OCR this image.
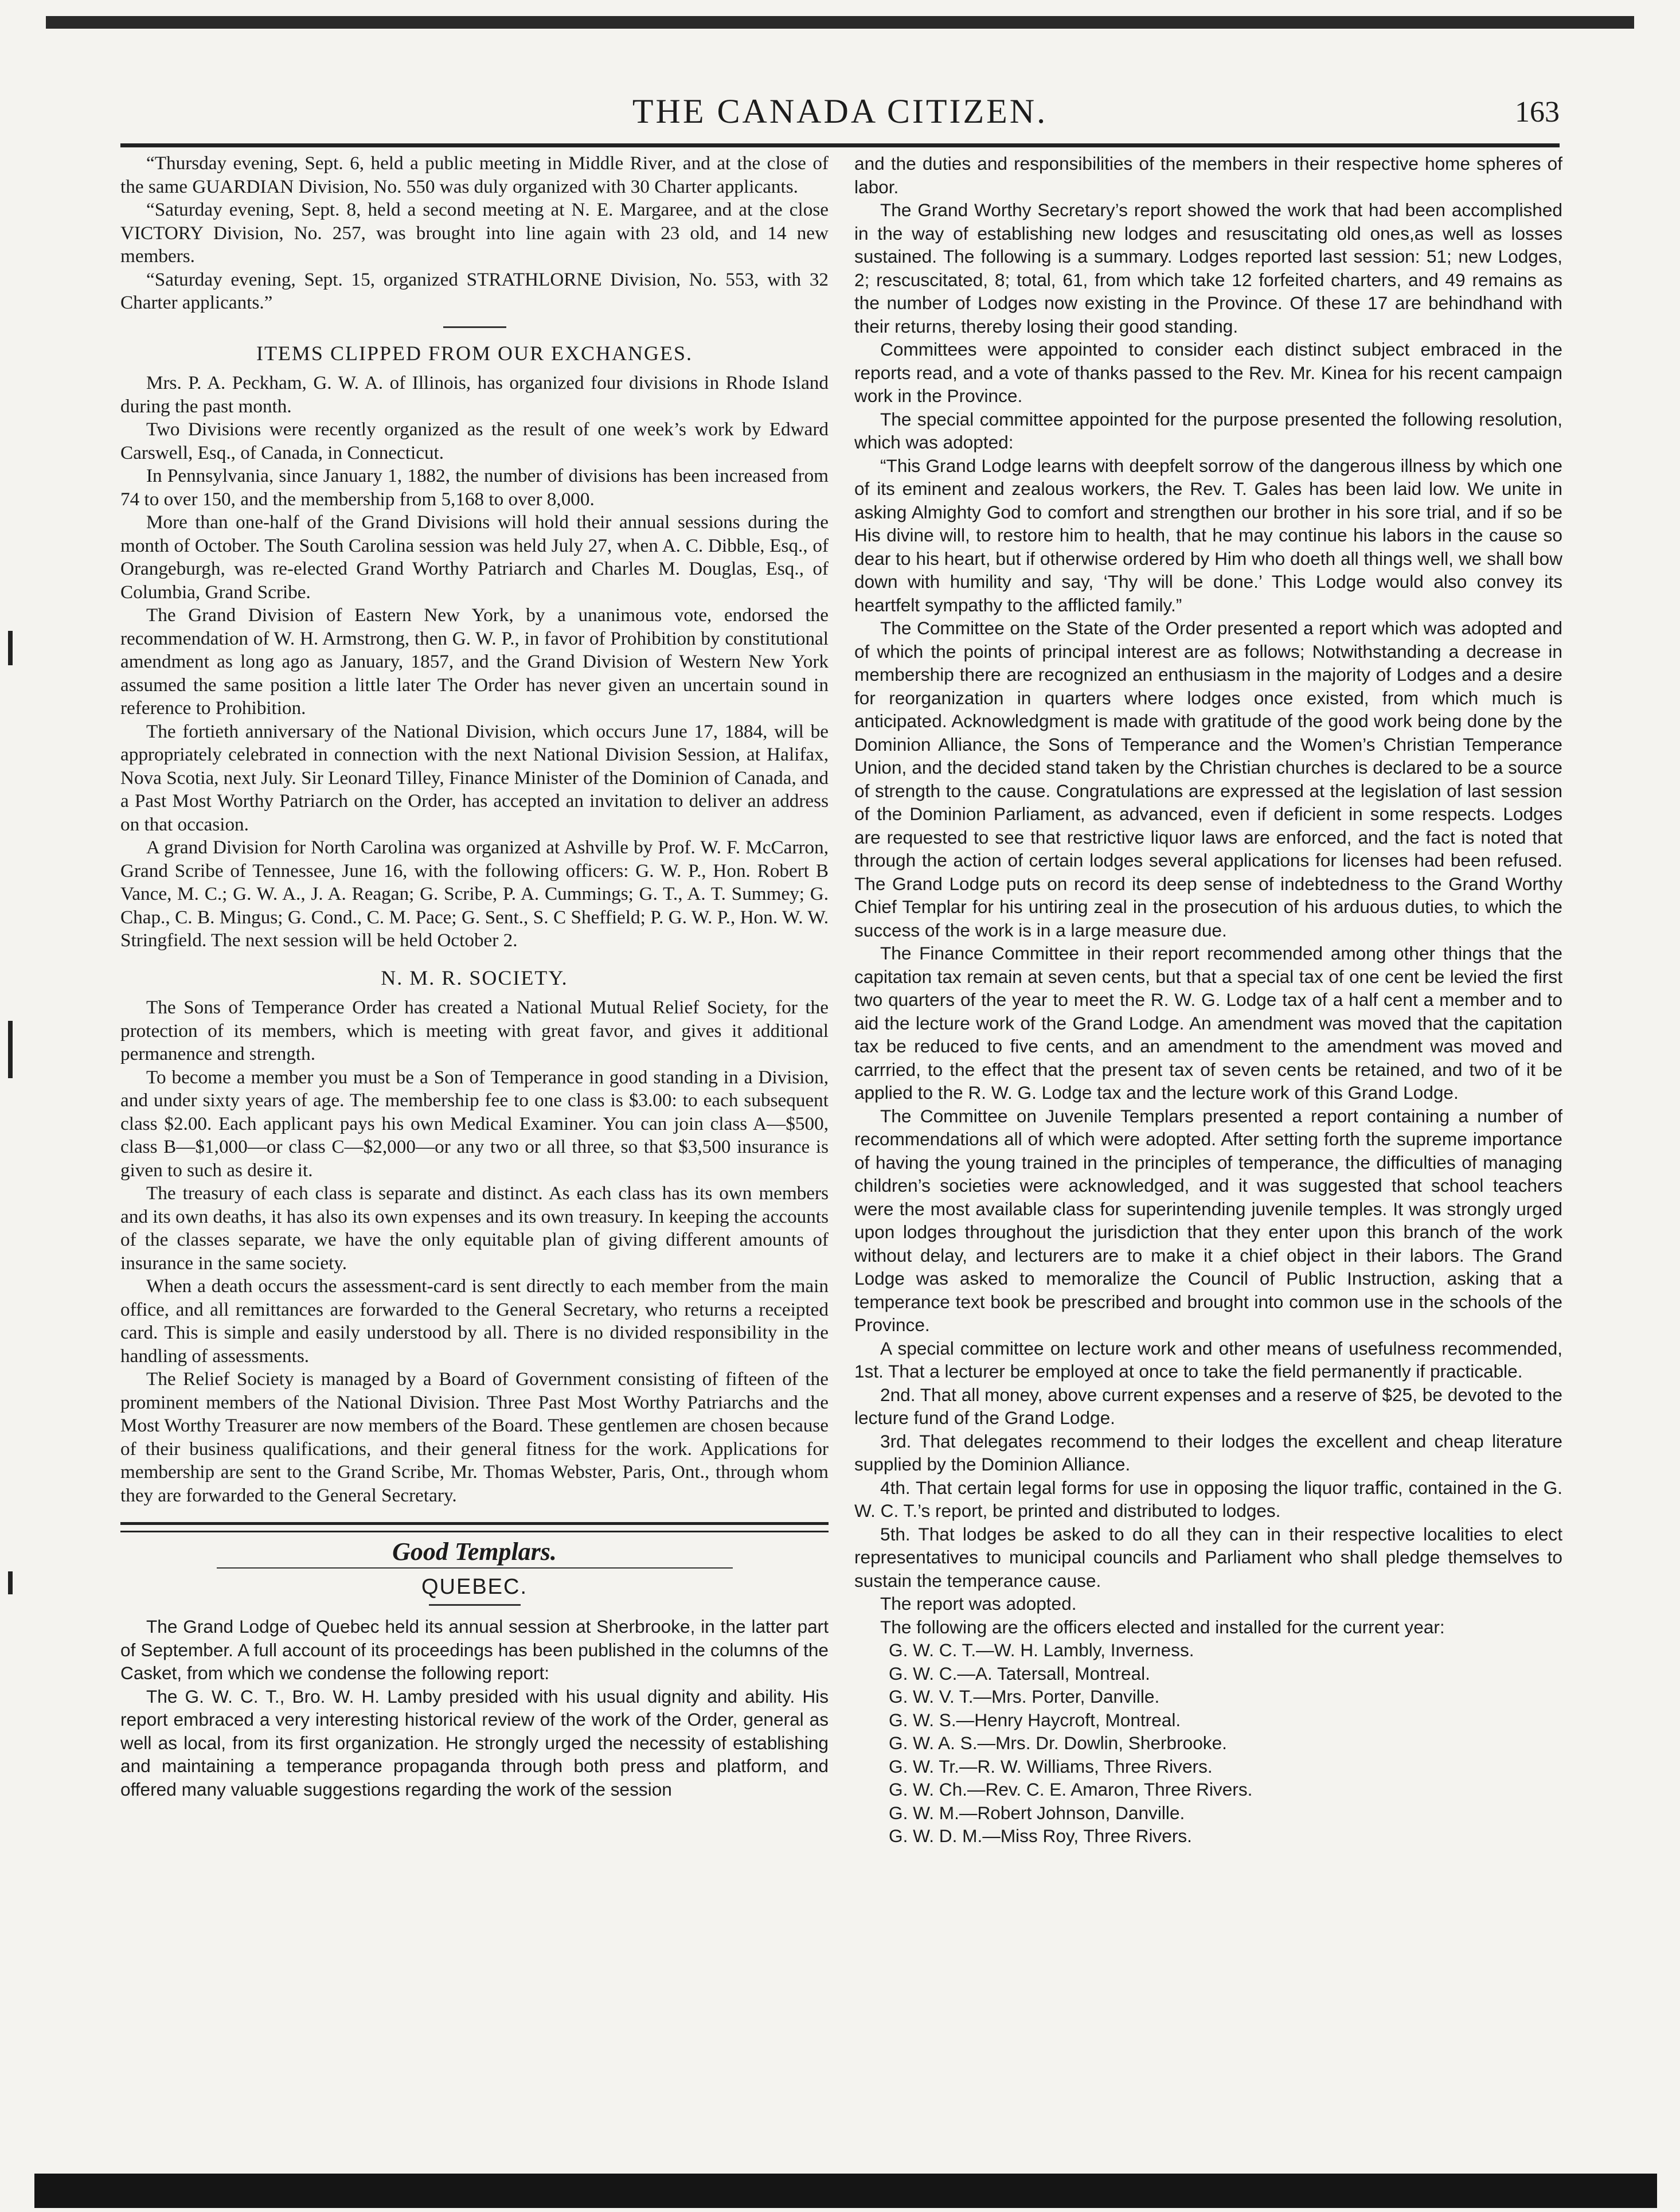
THE CANADA CITIZEN.	163

“Thursday evening, Sept. 6, held a public meeting in Middle River, and at the close of the same GUARDIAN Division, No. 550 was duly organized with 30 Charter applicants.

“Saturday evening, Sept. 8, held a second meeting at N. E. Margaree, and at the close VICTORY Division, No. 257, was brought into line again with 23 old, and 14 new members.

“Saturday evening, Sept. 15, organized STRATHLORNE Division, No. 553, with 32 Charter applicants.”

ITEMS CLIPPED FROM OUR EXCHANGES.

Mrs. P. A. Peckham, G. W. A. of Illinois, has organized four divisions in Rhode Island during the past month.

Two Divisions were recently organized as the result of one week’s work by Edward Carswell, Esq., of Canada, in Connecticut.

In Pennsylvania, since January 1, 1882, the number of divisions has been increased from 74 to over 150, and the membership from 5,168 to over 8,000.

More than one-half of the Grand Divisions will hold their annual sessions during the month of October. The South Carolina session was held July 27, when A. C. Dibble, Esq., of Orangeburgh, was re-elected Grand Worthy Patriarch and Charles M. Douglas, Esq., of Columbia, Grand Scribe.

The Grand Division of Eastern New York, by a unanimous vote, endorsed the recommendation of W. H. Armstrong, then G. W. P., in favor of Prohibition by constitutional amendment as long ago as January, 1857, and the Grand Division of Western New York assumed the same position a little later The Order has never given an uncertain sound in reference to Prohibition.

The fortieth anniversary of the National Division, which occurs June 17, 1884, will be appropriately celebrated in connection with the next National Division Session, at Halifax, Nova Scotia, next July. Sir Leonard Tilley, Finance Minister of the Dominion of Canada, and a Past Most Worthy Patriarch on the Order, has accepted an invitation to deliver an address on that occasion.

A grand Division for North Carolina was organized at Ashville by Prof. W. F. McCarron, Grand Scribe of Tennessee, June 16, with the following officers: G. W. P., Hon. Robert B Vance, M. C.; G. W. A., J. A. Reagan; G. Scribe, P. A. Cummings; G. T., A. T. Summey; G. Chap., C. B. Mingus; G. Cond., C. M. Pace; G. Sent., S. C Sheffield; P. G. W. P., Hon. W. W. Stringfield. The next session will be held October 2.

N. M. R. SOCIETY.

The Sons of Temperance Order has created a National Mutual Relief Society, for the protection of its members, which is meeting with great favor, and gives it additional permanence and strength.

To become a member you must be a Son of Temperance in good standing in a Division, and under sixty years of age. The membership fee to one class is $3.00: to each subsequent class $2.00. Each applicant pays his own Medical Examiner. You can join class A—$500, class B—$1,000—or class C—$2,000—or any two or all three, so that $3,500 insurance is given to such as desire it.

The treasury of each class is separate and distinct. As each class has its own members and its own deaths, it has also its own expenses and its own treasury. In keeping the accounts of the classes separate, we have the only equitable plan of giving different amounts of insurance in the same society.

When a death occurs the assessment-card is sent directly to each member from the main office, and all remittances are forwarded to the General Secretary, who returns a receipted card. This is simple and easily understood by all. There is no divided responsibility in the handling of assessments.

The Relief Society is managed by a Board of Government consisting of fifteen of the prominent members of the National Division. Three Past Most Worthy Patriarchs and the Most Worthy Treasurer are now members of the Board. These gentlemen are chosen because of their business qualifications, and their general fitness for the work. Applications for membership are sent to the Grand Scribe, Mr. Thomas Webster, Paris, Ont., through whom they are forwarded to the General Secretary.

Good Templars.
QUEBEC.

The Grand Lodge of Quebec held its annual session at Sherbrooke, in the latter part of September. A full account of its proceedings has been published in the columns of the Casket, from which we condense the following report:

The G. W. C. T., Bro. W. H. Lamby presided with his usual dignity and ability. His report embraced a very interesting historical review of the work of the Order, general as well as local, from its first organization. He strongly urged the necessity of establishing and maintaining a temperance propaganda through both press and platform, and offered many valuable suggestions regarding the work of the session

and the duties and responsibilities of the members in their respective home spheres of labor.

The Grand Worthy Secretary’s report showed the work that had been accomplished in the way of establishing new lodges and resuscitating old ones,as well as losses sustained. The following is a summary. Lodges reported last session: 51; new Lodges, 2; rescuscitated, 8; total, 61, from which take 12 forfeited charters, and 49 remains as the number of Lodges now existing in the Province. Of these 17 are behindhand with their returns, thereby losing their good standing.

Committees were appointed to consider each distinct subject embraced in the reports read, and a vote of thanks passed to the Rev. Mr. Kinea for his recent campaign work in the Province.

The special committee appointed for the purpose presented the following resolution, which was adopted:

“This Grand Lodge learns with deepfelt sorrow of the dangerous illness by which one of its eminent and zealous workers, the Rev. T. Gales has been laid low. We unite in asking Almighty God to comfort and strengthen our brother in his sore trial, and if so be His divine will, to restore him to health, that he may continue his labors in the cause so dear to his heart, but if otherwise ordered by Him who doeth all things well, we shall bow down with humility and say, ‘Thy will be done.’ This Lodge would also convey its heartfelt sympathy to the afflicted family.”

The Committee on the State of the Order presented a report which was adopted and of which the points of principal interest are as follows; Notwithstanding a decrease in membership there are recognized an enthusiasm in the majority of Lodges and a desire for reorganization in quarters where lodges once existed, from which much is anticipated. Acknowledgment is made with gratitude of the good work being done by the Dominion Alliance, the Sons of Temperance and the Women’s Christian Temperance Union, and the decided stand taken by the Christian churches is declared to be a source of strength to the cause. Congratulations are expressed at the legislation of last session of the Dominion Parliament, as advanced, even if deficient in some respects. Lodges are requested to see that restrictive liquor laws are enforced, and the fact is noted that through the action of certain lodges several applications for licenses had been refused. The Grand Lodge puts on record its deep sense of indebtedness to the Grand Worthy Chief Templar for his untiring zeal in the prosecution of his arduous duties, to which the success of the work is in a large measure due.

The Finance Committee in their report recommended among other things that the capitation tax remain at seven cents, but that a special tax of one cent be levied the first two quarters of the year to meet the R. W. G. Lodge tax of a half cent a member and to aid the lecture work of the Grand Lodge. An amendment was moved that the capitation tax be reduced to five cents, and an amendment to the amendment was moved and carrried, to the effect that the present tax of seven cents be retained, and two of it be applied to the R. W. G. Lodge tax and the lecture work of this Grand Lodge.

The Committee on Juvenile Templars presented a report containing a number of recommendations all of which were adopted. After setting forth the supreme importance of having the young trained in the principles of temperance, the difficulties of managing children’s societies were acknowledged, and it was suggested that school teachers were the most available class for superintending juvenile temples. It was strongly urged upon lodges throughout the jurisdiction that they enter upon this branch of the work without delay, and lecturers are to make it a chief object in their labors. The Grand Lodge was asked to memoralize the Council of Public Instruction, asking that a temperance text book be prescribed and brought into common use in the schools of the Province.

A special committee on lecture work and other means of usefulness recommended, 1st. That a lecturer be employed at once to take the field permanently if practicable.

2nd. That all money, above current expenses and a reserve of $25, be devoted to the lecture fund of the Grand Lodge.

3rd. That delegates recommend to their lodges the excellent and cheap literature supplied by the Dominion Alliance.

4th. That certain legal forms for use in opposing the liquor traffic, contained in the G. W. C. T.’s report, be printed and distributed to lodges.

5th. That lodges be asked to do all they can in their respective localities to elect representatives to municipal councils and Parliament who shall pledge themselves to sustain the temperance cause.

The report was adopted.

The following are the officers elected and installed for the current year:

G. W. C. T.—W. H. Lambly, Inverness.

G. W. C.—A. Tatersall, Montreal.

G. W. V. T.—Mrs. Porter, Danville.

G. W. S.—Henry Haycroft, Montreal.

G. W. A. S.—Mrs. Dr. Dowlin, Sherbrooke.

G. W. Tr.—R. W. Williams, Three Rivers.

G. W. Ch.—Rev. C. E. Amaron, Three Rivers.

G. W. M.—Robert Johnson, Danville.

G. W. D. M.—Miss Roy, Three Rivers.
